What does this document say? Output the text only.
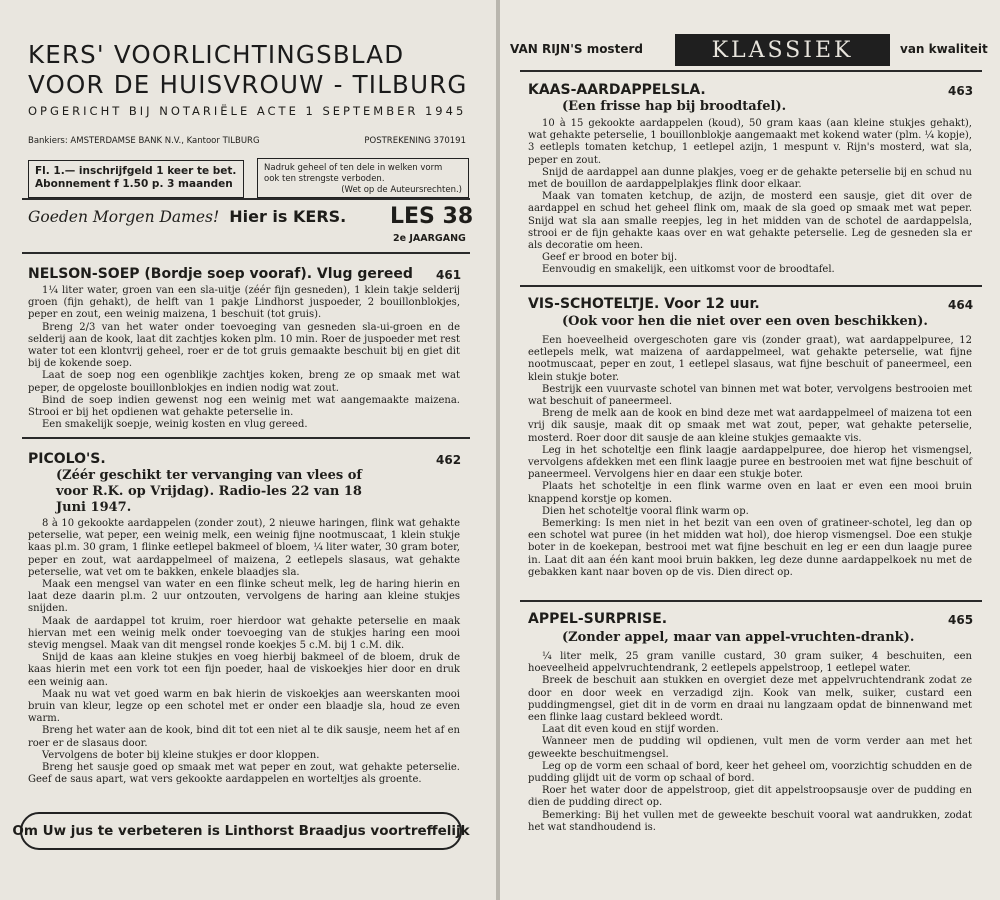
KERS' VOORLICHTINGSBLAD
VOOR DE HUISVROUW - TILBURG
OPGERICHT BIJ NOTARIËLE ACTE 1 SEPTEMBER 1945
Bankiers: AMSTERDAMSE BANK N.V., Kantoor TILBURG	POSTREKENING 370191
Fl. 1.— inschrijfgeld 1 keer te bet.
Abonnement f 1.50 p. 3 maanden
Nadruk geheel of ten dele in welken vorm
ook ten strengste verboden.
(Wet op de Auteursrechten.)
Goeden Morgen Dames! Hier is KERS. LES 38
2e JAARGANG
NELSON-SOEP (Bordje soep vooraf). Vlug gereed 461

1¼ liter water, groen van een sla-uitje (zéér fijn gesneden), 1 klein takje selderij groen (fijn gehakt), de helft van 1 pakje Lindhorst juspoeder, 2 bouillonblokjes, peper en zout, een weinig maizena, 1 beschuit (tot gruis).

Breng 2/3 van het water onder toevoeging van gesneden sla-ui-groen en de selderij aan de kook, laat dit zachtjes koken plm. 10 min. Roer de juspoeder met rest water tot een klontvrij geheel, roer er de tot gruis gemaakte beschuit bij en giet dit bij de kokende soep.

Laat de soep nog een ogenblikje zachtjes koken, breng ze op smaak met wat peper, de opgeloste bouillonblokjes en indien nodig wat zout.

Bind de soep indien gewenst nog een weinig met wat aangemaakte maizena. Strooi er bij het opdienen wat gehakte peterselie in.

Een smakelijk soepje, weinig kosten en vlug gereed.

PICOLO'S.	462
(Zéér geschikt ter vervanging van vlees of voor R.K. op Vrijdag). Radio-les 22 van 18 Juni 1947.

8 à 10 gekookte aardappelen (zonder zout), 2 nieuwe haringen, flink wat gehakte peterselie, wat peper, een weinig melk, een weinig fijne nootmuscaat, 1 klein stukje kaas pl.m. 30 gram, 1 flinke eetlepel bakmeel of bloem, ¼ liter water, 30 gram boter, peper en zout, wat aardappelmeel of maizena, 2 eetlepels slasaus, wat gehakte peterselie, wat vet om te bakken, enkele blaadjes sla.

Maak een mengsel van water en een flinke scheut melk, leg de haring hierin en laat deze daarin pl.m. 2 uur ontzouten, vervolgens de haring aan kleine stukjes snijden.

Maak de aardappel tot kruim, roer hierdoor wat gehakte peterselie en maak hiervan met een weinig melk onder toevoeging van de stukjes haring een mooi stevig mengsel. Maak van dit mengsel ronde koekjes 5 c.M. bij 1 c.M. dik.

Snijd de kaas aan kleine stukjes en voeg hierbij bakmeel of de bloem, druk de kaas hierin met een vork tot een fijn poeder, haal de viskoekjes hier door en druk een weinig aan.

Maak nu wat vet goed warm en bak hierin de viskoekjes aan weerskanten mooi bruin van kleur, legze op een schotel met er onder een blaadje sla, houd ze even warm.

Breng het water aan de kook, bind dit tot een niet al te dik sausje, neem het af en roer er de slasaus door.

Vervolgens de boter bij kleine stukjes er door kloppen.

Breng het sausje goed op smaak met wat peper en zout, wat gehakte peterselie. Geef de saus apart, wat vers gekookte aardappelen en worteltjes als groente.

Om Uw jus te verbeteren is Linthorst Braadjus voortreffelijk
VAN RIJN'S mosterd	KLASSIEK	van kwaliteit
KAAS-AARDAPPELSLA.	463
(Een frisse hap bij broodtafel).

10 à 15 gekookte aardappelen (koud), 50 gram kaas (aan kleine stukjes gehakt), wat gehakte peterselie, 1 bouillonblokje aangemaakt met kokend water (plm. ¼ kopje), 3 eetlepls tomaten ketchup, 1 eetlepel azijn, 1 mespunt v. Rijn's mosterd, wat sla, peper en zout.

Snijd de aardappel aan dunne plakjes, voeg er de gehakte peterselie bij en schud nu met de bouillon de aardappelplakjes flink door elkaar.

Maak van tomaten ketchup, de azijn, de mosterd een sausje, giet dit over de aardappel en schud het geheel flink om, maak de sla goed op smaak met wat peper. Snijd wat sla aan smalle reepjes, leg in het midden van de schotel de aardappelsla, strooi er de fijn gehakte kaas over en wat gehakte peterselie. Leg de gesneden sla er als decoratie om heen.

Geef er brood en boter bij.

Eenvoudig en smakelijk, een uitkomst voor de broodtafel.

VIS-SCHOTELTJE. Voor 12 uur.	464
(Ook voor hen die niet over een oven beschikken).

Een hoeveelheid overgeschoten gare vis (zonder graat), wat aardappelpuree, 12 eetlepels melk, wat maizena of aardappelmeel, wat gehakte peterselie, wat fijne nootmuscaat, peper en zout, 1 eetlepel slasaus, wat fijne beschuit of paneermeel, een klein stukje boter.

Bestrijk een vuurvaste schotel van binnen met wat boter, vervolgens bestrooien met wat beschuit of paneermeel.

Breng de melk aan de kook en bind deze met wat aardappelmeel of maizena tot een vrij dik sausje, maak dit op smaak met wat zout, peper, wat gehakte peterselie, mosterd. Roer door dit sausje de aan kleine stukjes gemaakte vis.

Leg in het schoteltje een flink laagje aardappelpuree, doe hierop het vismengsel, vervolgens afdekken met een flink laagje puree en bestrooien met wat fijne beschuit of paneermeel. Vervolgens hier en daar een stukje boter.

Plaats het schoteltje in een flink warme oven en laat er even een mooi bruin knappend korstje op komen.

Dien het schoteltje vooral flink warm op.

Bemerking: Is men niet in het bezit van een oven of gratineer-schotel, leg dan op een schotel wat puree (in het midden wat hol), doe hierop vismengsel. Doe een stukje boter in de koekepan, bestrooi met wat fijne beschuit en leg er een dun laagje puree in. Laat dit aan één kant mooi bruin bakken, leg deze dunne aardappelkoek nu met de gebakken kant naar boven op de vis. Dien direct op.

APPEL-SURPRISE.	465
(Zonder appel, maar van appel-vruchten-drank).

¼ liter melk, 25 gram vanille custard, 30 gram suiker, 4 beschuiten, een hoeveelheid appelvruchtendrank, 2 eetlepels appelstroop, 1 eetlepel water.

Breek de beschuit aan stukken en overgiet deze met appelvruchtendrank zodat ze door en door week en verzadigd zijn. Kook van melk, suiker, custard een puddingmengsel, giet dit in de vorm en draai nu langzaam opdat de binnenwand met een flinke laag custard bekleed wordt.

Laat dit even koud en stijf worden.

Wanneer men de pudding wil opdienen, vult men de vorm verder aan met het geweekte beschuitmengsel.

Leg op de vorm een schaal of bord, keer het geheel om, voorzichtig schudden en de pudding glijdt uit de vorm op schaal of bord.

Roer het water door de appelstroop, giet dit appelstroopsausje over de pudding en dien de pudding direct op.

Bemerking: Bij het vullen met de geweekte beschuit vooral wat aandrukken, zodat het wat standhoudend is.
